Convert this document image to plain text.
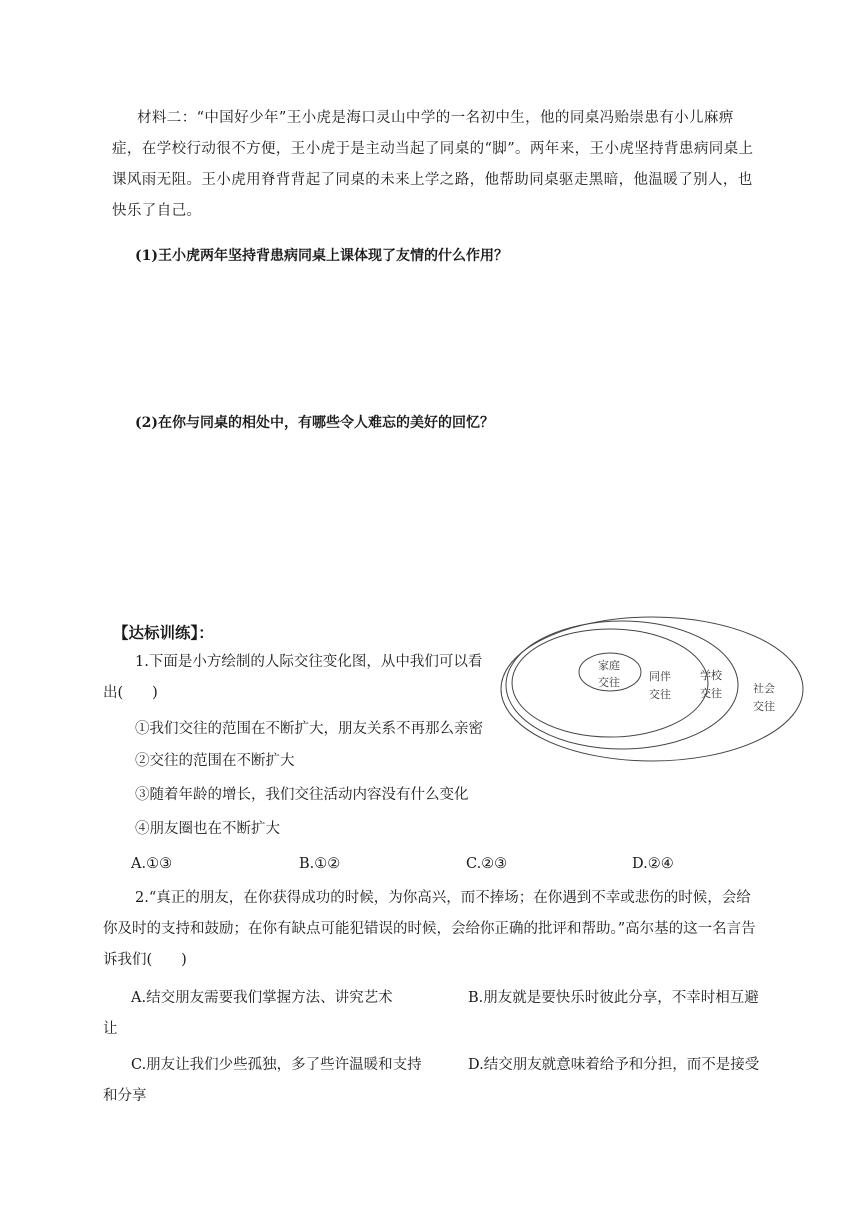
材料二：“中国好少年”王小虎是海口灵山中学的一名初中生，他的同桌冯贻崇患有小儿麻痹症，在学校行动很不方便，王小虎于是主动当起了同桌的“脚”。两年来，王小虎坚持背患病同桌上课风雨无阻。王小虎用脊背背起了同桌的未来上学之路，他帮助同桌驱走黑暗，他温暖了别人，也快乐了自己。
(1)王小虎两年坚持背患病同桌上课体现了友情的什么作用？
(2)在你与同桌的相处中，有哪些令人难忘的美好的回忆？
【达标训练】：
1.下面是小方绘制的人际交往变化图，从中我们可以看
出(　　)
①我们交往的范围在不断扩大，朋友关系不再那么亲密
②交往的范围在不断扩大
③随着年龄的增长，我们交往活动内容没有什么变化
④朋友圈也在不断扩大
A.①③	B.①②	C.②③	D.②④
家庭
交往	同伴
交往
学校
交往	社会
交往
2.“真正的朋友，在你获得成功的时候，为你高兴，而不捧场；在你遇到不幸或悲伤的时候，会给你及时的支持和鼓励；在你有缺点可能犯错误的时候，会给你正确的批评和帮助。”高尔基的这一名言告诉我们(　　)
A.结交朋友需要我们掌握方法、讲究艺术	B.朋友就是要快乐时彼此分享，不幸时相互避让
C.朋友让我们少些孤独，多了些许温暖和支持	D.结交朋友就意味着给予和分担，而不是接受和分享
